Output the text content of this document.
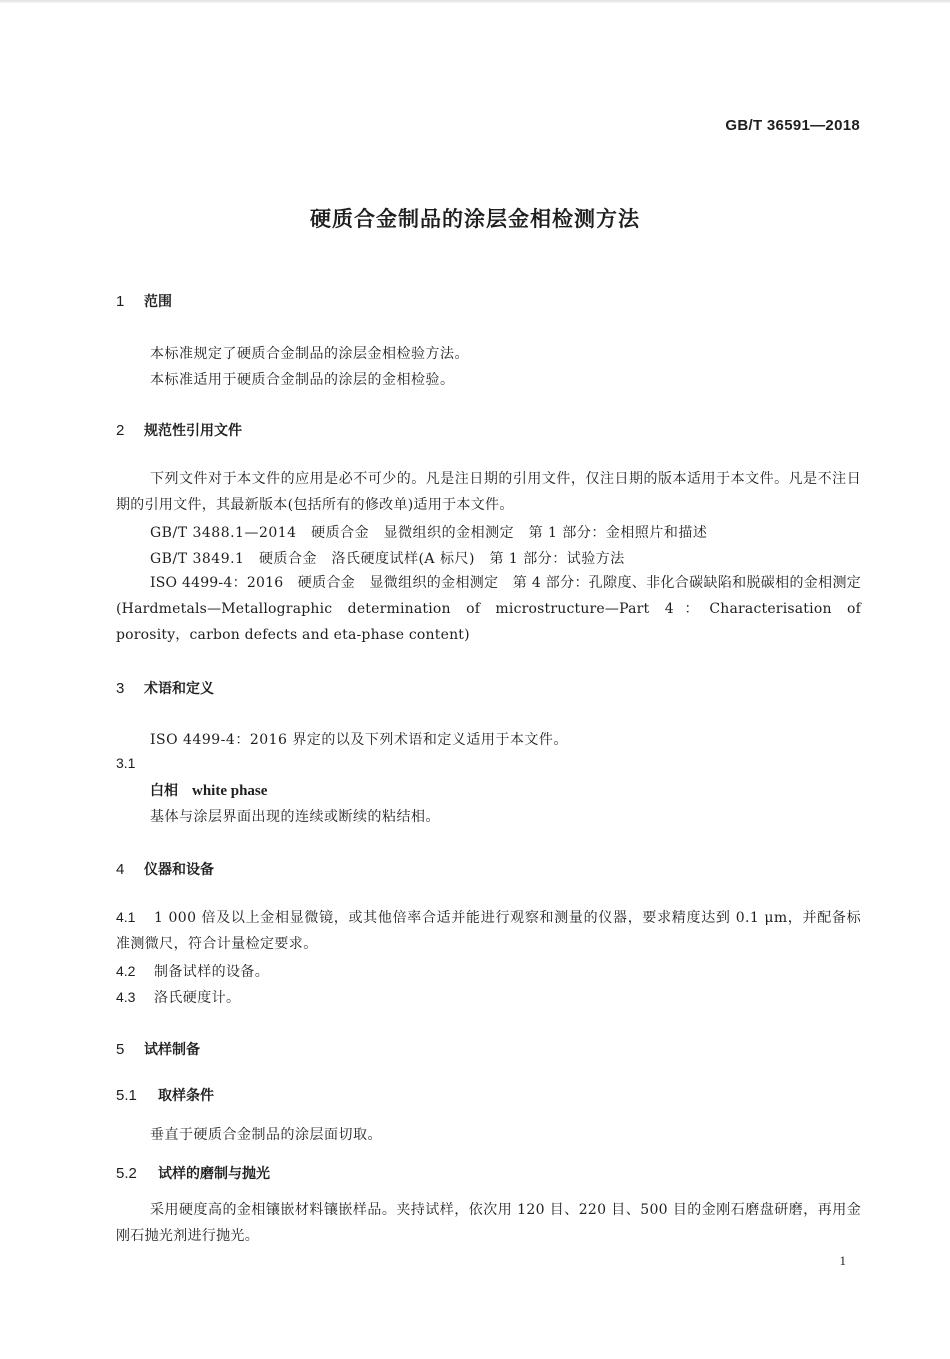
GB/T 36591—2018
硬质合金制品的涂层金相检测方法
1 范围
本标准规定了硬质合金制品的涂层金相检验方法。
本标准适用于硬质合金制品的涂层的金相检验。
2 规范性引用文件
下列文件对于本文件的应用是必不可少的。凡是注日期的引用文件，仅注日期的版本适用于本文件。凡是不注日期的引用文件，其最新版本(包括所有的修改单)适用于本文件。
GB/T 3488.1—2014　硬质合金　显微组织的金相测定　第 1 部分：金相照片和描述
GB/T 3849.1　硬质合金　洛氏硬度试样(A 标尺)　第 1 部分：试验方法
ISO 4499-4：2016　硬质合金　显微组织的金相测定　第 4 部分：孔隙度、非化合碳缺陷和脱碳相的金相测定(Hardmetals—Metallographic determination of microstructure—Part 4：Characterisation of porosity，carbon defects and eta-phase content)
3 术语和定义
ISO 4499-4：2016 界定的以及下列术语和定义适用于本文件。
3.1
白相 white phase
基体与涂层界面出现的连续或断续的粘结相。
4 仪器和设备
4.1 1 000 倍及以上金相显微镜，或其他倍率合适并能进行观察和测量的仪器，要求精度达到 0.1 μm，并配备标准测微尺，符合计量检定要求。
4.2 制备试样的设备。
4.3 洛氏硬度计。
5 试样制备
5.1 取样条件
垂直于硬质合金制品的涂层面切取。
5.2 试样的磨制与抛光
采用硬度高的金相镶嵌材料镶嵌样品。夹持试样，依次用 120 目、220 目、500 目的金刚石磨盘研磨，再用金刚石抛光剂进行抛光。
1
